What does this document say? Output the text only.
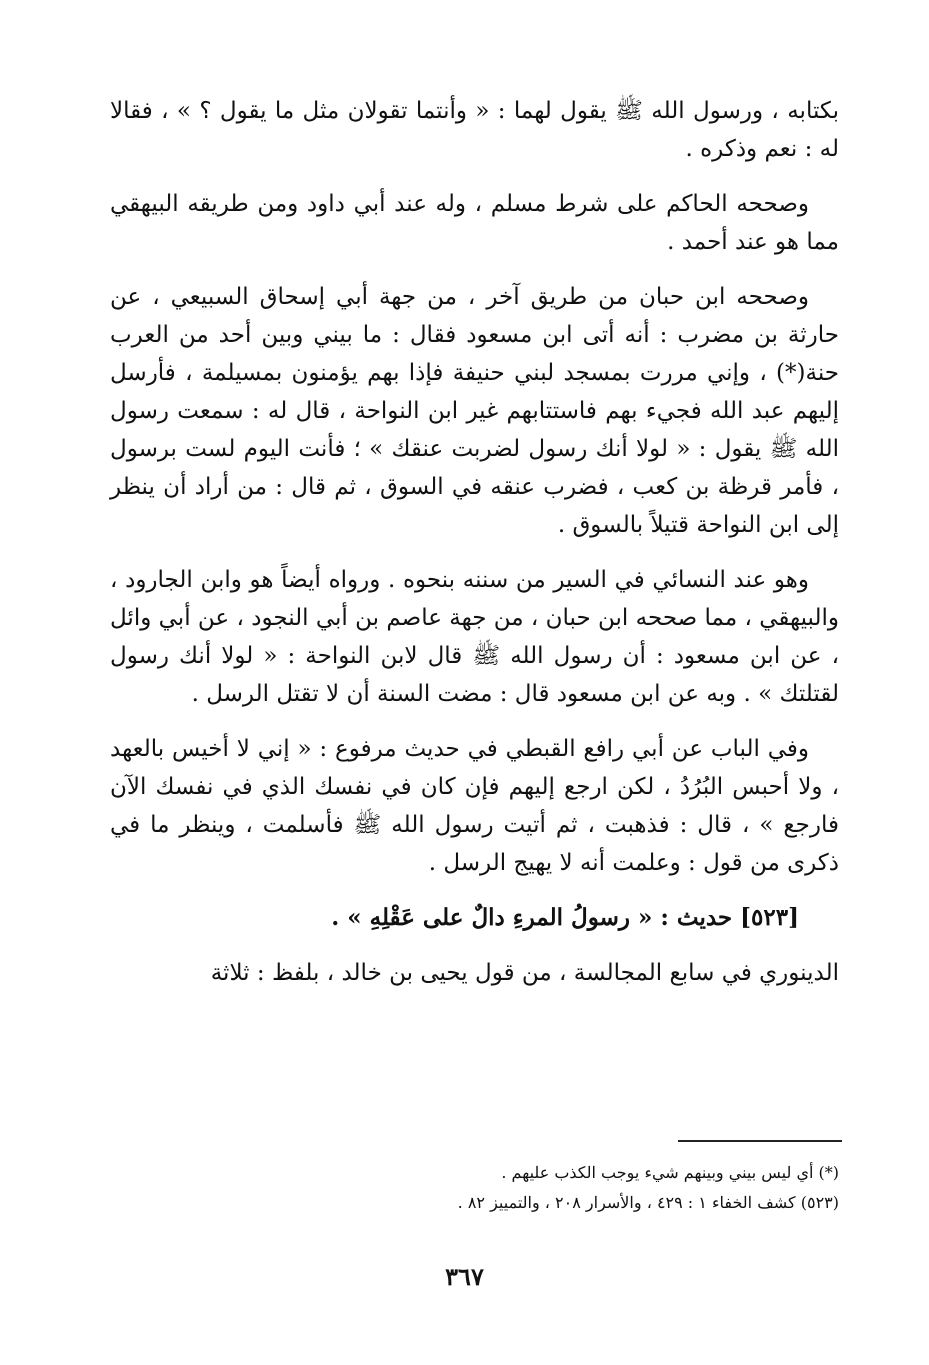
بكتابه ، ورسول الله ﷺ يقول لهما : « وأنتما تقولان مثل ما يقول ؟ » ، فقالا له : نعم وذكره .

وصححه الحاكم على شرط مسلم ، وله عند أبي داود ومن طريقه البيهقي مما هو عند أحمد .

وصححه ابن حبان من طريق آخر ، من جهة أبي إسحاق السبيعي ، عن حارثة بن مضرب : أنه أتى ابن مسعود فقال : ما بيني وبين أحد من العرب حنة(*) ، وإني مررت بمسجد لبني حنيفة فإذا بهم يؤمنون بمسيلمة ، فأرسل إليهم عبد الله فجيء بهم فاستتابهم غير ابن النواحة ، قال له : سمعت رسول الله ﷺ يقول : « لولا أنك رسول لضربت عنقك » ؛ فأنت اليوم لست برسول ، فأمر قرظة بن كعب ، فضرب عنقه في السوق ، ثم قال : من أراد أن ينظر إلى ابن النواحة قتيلاً بالسوق .

وهو عند النسائي في السير من سننه بنحوه . ورواه أيضاً هو وابن الجارود ، والبيهقي ، مما صححه ابن حبان ، من جهة عاصم بن أبي النجود ، عن أبي وائل ، عن ابن مسعود : أن رسول الله ﷺ قال لابن النواحة : « لولا أنك رسول لقتلتك » . وبه عن ابن مسعود قال : مضت السنة أن لا تقتل الرسل .

وفي الباب عن أبي رافع القبطي في حديث مرفوع : « إني لا أخيس بالعهد ، ولا أحبس البُرُدُ ، لكن ارجع إليهم فإن كان في نفسك الذي في نفسك الآن فارجع » ، قال : فذهبت ، ثم أتيت رسول الله ﷺ فأسلمت ، وينظر ما في ذكرى من قول : وعلمت أنه لا يهيج الرسل .

[٥٢٣] حديث : « رسولُ المرءِ دالٌ على عَقْلِهِ » .

الدينوري في سابع المجالسة ، من قول يحيى بن خالد ، بلفظ : ثلاثة

(*) أي ليس بيني وبينهم شيء يوجب الكذب عليهم .
(٥٢٣) كشف الخفاء ١ : ٤٢٩ ، والأسرار ٢٠٨ ، والتمييز ٨٢ .
٣٦٧
